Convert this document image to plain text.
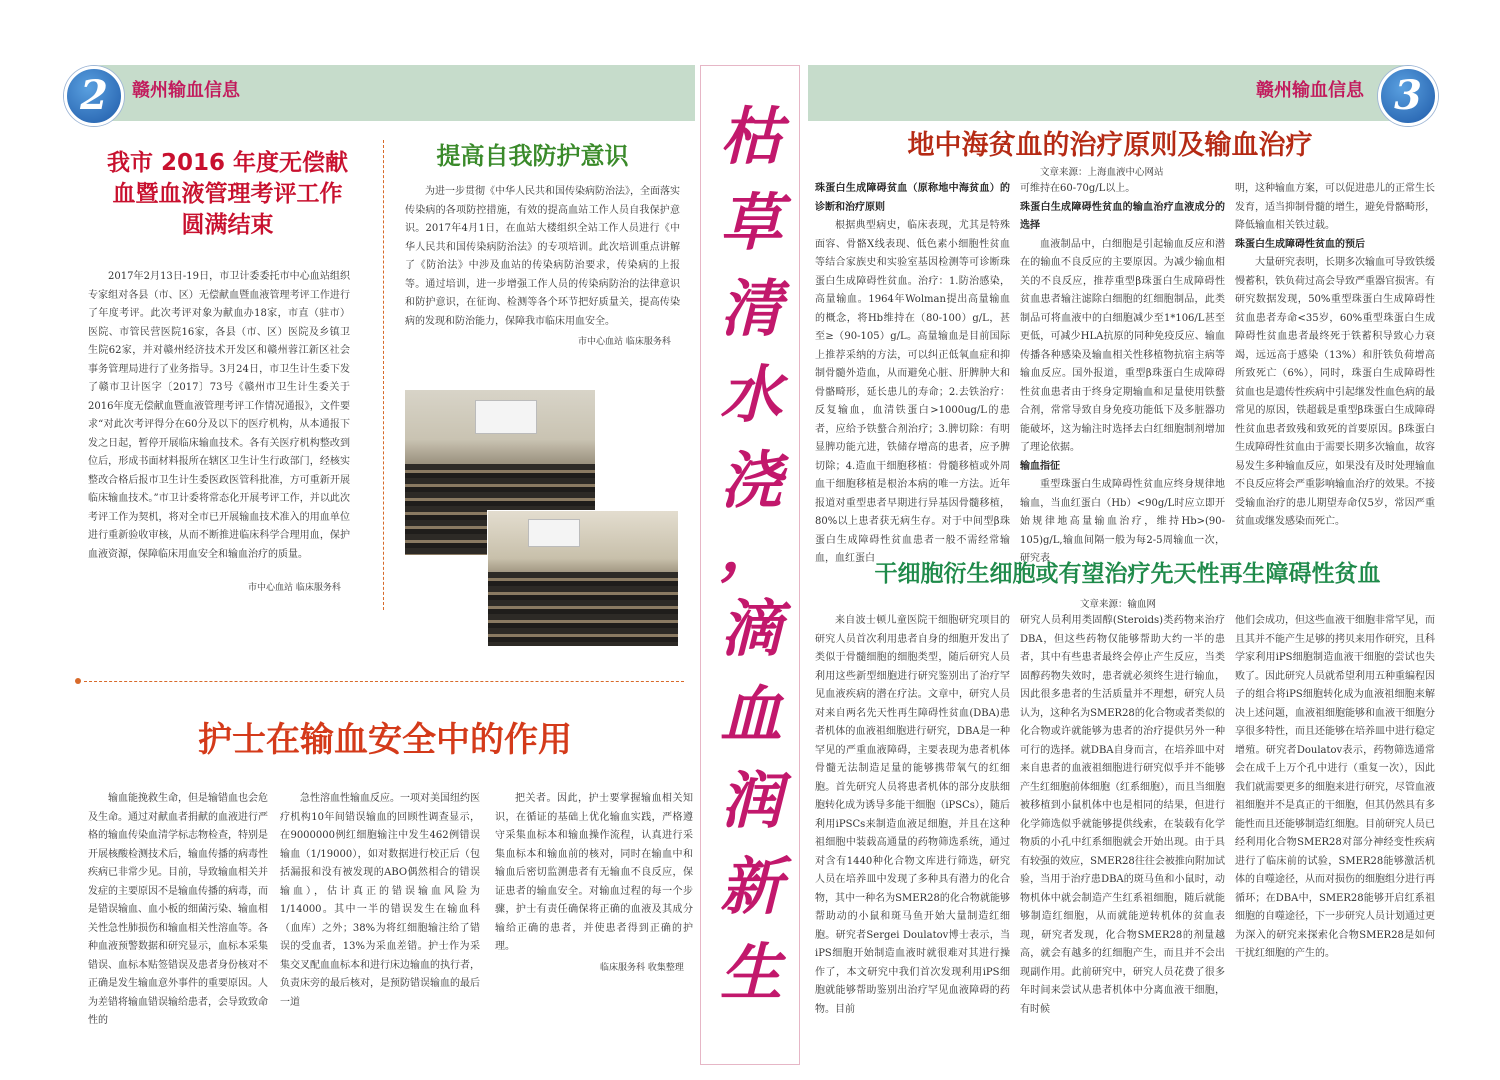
2	3
赣州输血信息	赣州输血信息
枯
草
清
水
浇
，
滴
血
润
新
生
我市 2016 年度无偿献
血暨血液管理考评工作
圆满结束

2017年2月13日-19日，市卫计委委托市中心血站组织专家组对各县（市、区）无偿献血暨血液管理考评工作进行了年度考评。此次考评对象为献血办18家，市直（驻市）医院、市管民营医院16家，各县（市、区）医院及乡镇卫生院62家，并对赣州经济技术开发区和赣州蓉江新区社会事务管理局进行了业务指导。3月24日，市卫生计生委下发了赣市卫计医字〔2017〕73号《赣州市卫生计生委关于2016年度无偿献血暨血液管理考评工作情况通报》，文件要求“对此次考评得分在60分及以下的医疗机构，从本通报下发之日起，暂停开展临床输血技术。各有关医疗机构整改到位后，形成书面材料报所在辖区卫生计生行政部门，经核实整改合格后报市卫生计生委医政医管科批准，方可重新开展临床输血技术。”市卫计委将常态化开展考评工作，并以此次考评工作为契机，将对全市已开展输血技术准入的用血单位进行重新验收审核，从而不断推进临床科学合理用血，保护血液资源，保障临床用血安全和输血治疗的质量。

市中心血站 临床服务科
提高自我防护意识

为进一步贯彻《中华人民共和国传染病防治法》，全面落实传染病的各项防控措施，有效的提高血站工作人员自我保护意识。2017年4月1日，在血站大楼组织全站工作人员进行《中华人民共和国传染病防治法》的专项培训。此次培训重点讲解了《防治法》中涉及血站的传染病防治要求，传染病的上报等。通过培训，进一步增强工作人员的传染病防治的法律意识和防护意识，在征询、检测等各个环节把好质量关，提高传染病的发现和防治能力，保障我市临床用血安全。

市中心血站 临床服务科
护士在输血安全中的作用

输血能挽救生命，但是输错血也会危及生命。通过对献血者捐献的血液进行严格的输血传染血清学标志物检查，特别是开展核酸检测技术后，输血传播的病毒性疾病已非常少见。目前，导致输血相关并发症的主要原因不是输血传播的病毒，而是错误输血、血小板的细菌污染、输血相关性急性肺损伤和输血相关性溶血等。各种血液预警数据和研究显示，血标本采集错误、血标本贴签错误及患者身份核对不正确是发生输血意外事件的重要原因。人为差错将输血错误输给患者，会导致致命性的

急性溶血性输血反应。一项对美国纽约医疗机构10年间错误输血的回顾性调查显示，在9000000例红细胞输注中发生462例错误输血（1/19000），如对数据进行校正后（包括漏报和没有被发现的ABO偶然相合的错误输血），估计真正的错误输血风险为1/14000。其中一半的错误发生在输血科（血库）之外；38%为将红细胞输注给了错误的受血者，13%为采血差错。护士作为采集交叉配血血标本和进行床边输血的执行者，负责床旁的最后核对，是预防错误输血的最后一道

把关者。因此，护士要掌握输血相关知识，在循证的基础上优化输血实践，严格遵守采集血标本和输血操作流程，认真进行采集血标本和输血前的核对，同时在输血中和输血后密切监测患者有无输血不良反应，保证患者的输血安全。对输血过程的每一个步骤，护士有责任确保将正确的血液及其成分输给正确的患者，并使患者得到正确的护理。

临床服务科 收集整理
地中海贫血的治疗原则及输血治疗
文章来源：上海血液中心网站
珠蛋白生成障碍贫血（原称地中海贫血）的诊断和治疗原则

根据典型病史，临床表现，尤其是特殊面容、骨骼X线表现、低色素小细胞性贫血等结合家族史和实验室基因检测等可诊断珠蛋白生成障碍性贫血。治疗：1.防治感染，高量输血。1964年Wolman提出高量输血的概念，将Hb维持在（80-100）g/L，甚至≥（90-105）g/L。高量输血是目前国际上推荐采纳的方法，可以纠正低氧血症和抑制骨髓外造血，从而避免心脏、肝脾肿大和骨骼畸形，延长患儿的寿命；2.去铁治疗：反复输血，血清铁蛋白>1000ug/L的患者，应给予铁螯合剂治疗；3.脾切除：有明显脾功能亢进，铁储存增高的患者，应予脾切除；4.造血干细胞移植：骨髓移植或外周血干细胞移植是根治本病的唯一方法。近年报道对重型患者早期进行异基因骨髓移植，80%以上患者获无病生存。对于中间型β珠蛋白生成障碍性贫血患者一般不需经常输血，血红蛋白

可维持在60-70g/L以上。

珠蛋白生成障碍性贫血的输血治疗血液成分的选择

血液制品中，白细胞是引起输血反应和潜在的输血不良反应的主要原因。为减少输血相关的不良反应，推荐重型β珠蛋白生成障碍性贫血患者输注滤除白细胞的红细胞制品，此类制品可将血液中的白细胞减少至1*106/L甚至更低，可减少HLA抗原的同种免疫反应、输血传播各种感染及输血相关性移植物抗宿主病等输血反应。国外报道，重型β珠蛋白生成障碍性贫血患者由于终身定期输血和足量使用铁螯合剂，常常导致自身免疫功能低下及多脏器功能破坏，这为输注时选择去白红细胞制剂增加了理论依据。

输血指征

重型珠蛋白生成障碍性贫血应终身规律地输血，当血红蛋白（Hb）<90g/L时应立即开始规律地高量输血治疗，维持Hb>(90-105)g/L,输血间隔一般为每2-5周输血一次，研究表

明，这种输血方案，可以促进患儿的正常生长发育，适当抑制骨髓的增生，避免骨骼畸形，降低输血相关铁过载。

珠蛋白生成障碍性贫血的预后

大量研究表明，长期多次输血可导致铁缓慢蓄积，铁负荷过高会导致严重器官损害。有研究数据发现，50%重型珠蛋白生成障碍性贫血患者寿命<35岁，60%重型珠蛋白生成障碍性贫血患者最终死于铁蓄积导致心力衰竭，远远高于感染（13%）和肝铁负荷增高所致死亡（6%），同时，珠蛋白生成障碍性贫血也是遗传性疾病中引起继发性血色病的最常见的原因，铁超载是重型β珠蛋白生成障碍性贫血患者致残和致死的首要原因。β珠蛋白生成障碍性贫血由于需要长期多次输血，故容易发生多种输血反应，如果没有及时处理输血不良反应将会严重影响输血治疗的效果。不接受输血治疗的患儿期望寿命仅5岁，常因严重贫血或继发感染而死亡。

干细胞衍生细胞或有望治疗先天性再生障碍性贫血
文章来源：输血网

来自波士顿儿童医院干细胞研究项目的研究人员首次利用患者自身的细胞开发出了类似于骨髓细胞的细胞类型，随后研究人员利用这些新型细胞进行研究鉴别出了治疗罕见血液疾病的潜在疗法。文章中，研究人员对来自两名先天性再生障碍性贫血(DBA)患者机体的血液祖细胞进行研究，DBA是一种罕见的严重血液障碍，主要表现为患者机体骨髓无法制造足量的能够携带氧气的红细胞。首先研究人员将患者机体的部分皮肤细胞转化成为诱导多能干细胞（iPSCs），随后利用iPSCs来制造血液足细胞，并且在这种祖细胞中装载高通量的药物筛选系统，通过对含有1440种化合物文库进行筛选，研究人员在培养皿中发现了多种具有潜力的化合物，其中一种名为SMER28的化合物就能够帮助动的小鼠和斑马鱼开始大量制造红细胞。研究者Sergei Doulatov博士表示，当iPS细胞开始制造血液时就很难对其进行操作了，本文研究中我们首次发现利用iPS细胞就能够帮助鉴别出治疗罕见血液障碍的药物。目前

研究人员利用类固醇(Steroids)类药物来治疗DBA，但这些药物仅能够帮助大约一半的患者，其中有些患者最终会停止产生反应，当类固醇药物失效时，患者就必须终生进行输血，因此很多患者的生活质量并不理想，研究人员认为，这种名为SMER28的化合物或者类似的化合物或许就能够为患者的治疗提供另外一种可行的选择。就DBA自身而言，在培养皿中对来自患者的血液祖细胞进行研究似乎并不能够产生红细胞前体细胞（红系细胞），而且当细胞被移植到小鼠机体中也是相同的结果，但进行化学筛选似乎就能够提供线索，在装载有化学物质的小孔中红系细胞就会开始出现。由于具有较强的效应，SMER28往往会被推向附加试验，当用于治疗患DBA的斑马鱼和小鼠时，动物机体中就会制造产生红系祖细胞，随后就能够制造红细胞，从而就能逆转机体的贫血表现，研究者发现，化合物SMER28的剂量越高，就会有越多的红细胞产生，而且并不会出现副作用。此前研究中，研究人员花费了很多年时间来尝试从患者机体中分离血液干细胞，有时候

他们会成功，但这些血液干细胞非常罕见，而且其并不能产生足够的拷贝来用作研究，且科学家利用iPS细胞制造血液干细胞的尝试也失败了。因此研究人员就希望利用五种重编程因子的组合将iPS细胞转化成为血液祖细胞来解决上述问题，血液祖细胞能够和血液干细胞分享很多特性，而且还能够在培养皿中进行稳定增殖。研究者Doulatov表示，药物筛选通常会在成千上万个孔中进行（重复一次），因此我们就需要更多的细胞来进行研究，尽管血液祖细胞并不是真正的干细胞，但其仍然具有多能性而且还能够制造红细胞。目前研究人员已经利用化合物SMER28对部分神经变性疾病进行了临床前的试验，SMER28能够激活机体的自噬途径，从而对损伤的细胞组分进行再循环；在DBA中，SMER28能够开启红系祖细胞的自噬途径，下一步研究人员计划通过更为深入的研究来探索化合物SMER28是如何干扰红细胞的产生的。
